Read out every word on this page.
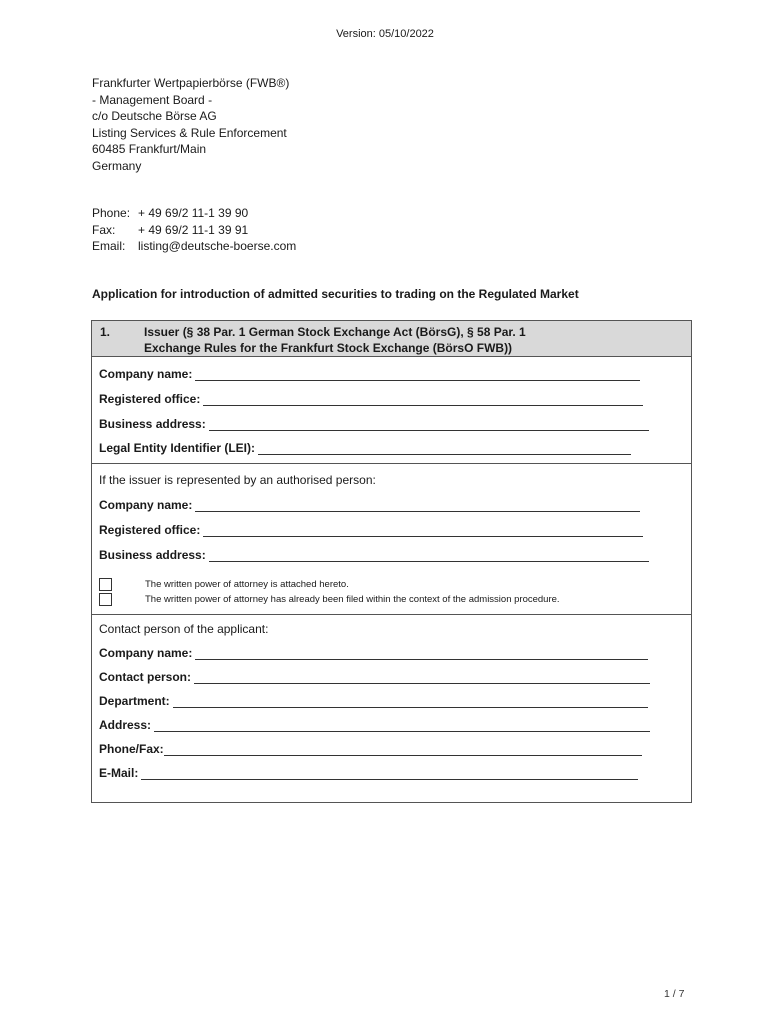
Version: 05/10/2022
Frankfurter Wertpapierbörse (FWB®)
- Management Board -
c/o Deutsche Börse AG
Listing Services & Rule Enforcement
60485 Frankfurt/Main
Germany
Phone: + 49 69/2 11-1 39 90
Fax:	+ 49 69/2 11-1 39 91
Email:	listing@deutsche-boerse.com
Application for introduction of admitted securities to trading on the Regulated Market
1.	Issuer (§ 38 Par. 1 German Stock Exchange Act (BörsG), § 58 Par. 1
Exchange Rules for the Frankfurt Stock Exchange (BörsO FWB))
Company name:
Registered office:
Business address:
Legal Entity Identifier (LEI):
If the issuer is represented by an authorised person:
Company name:
Registered office:
Business address:
The written power of attorney is attached hereto.
The written power of attorney has already been filed within the context of the admission procedure.
Contact person of the applicant:
Company name:
Contact person:
Department:
Address:
Phone/Fax:
E-Mail:
1 / 7
